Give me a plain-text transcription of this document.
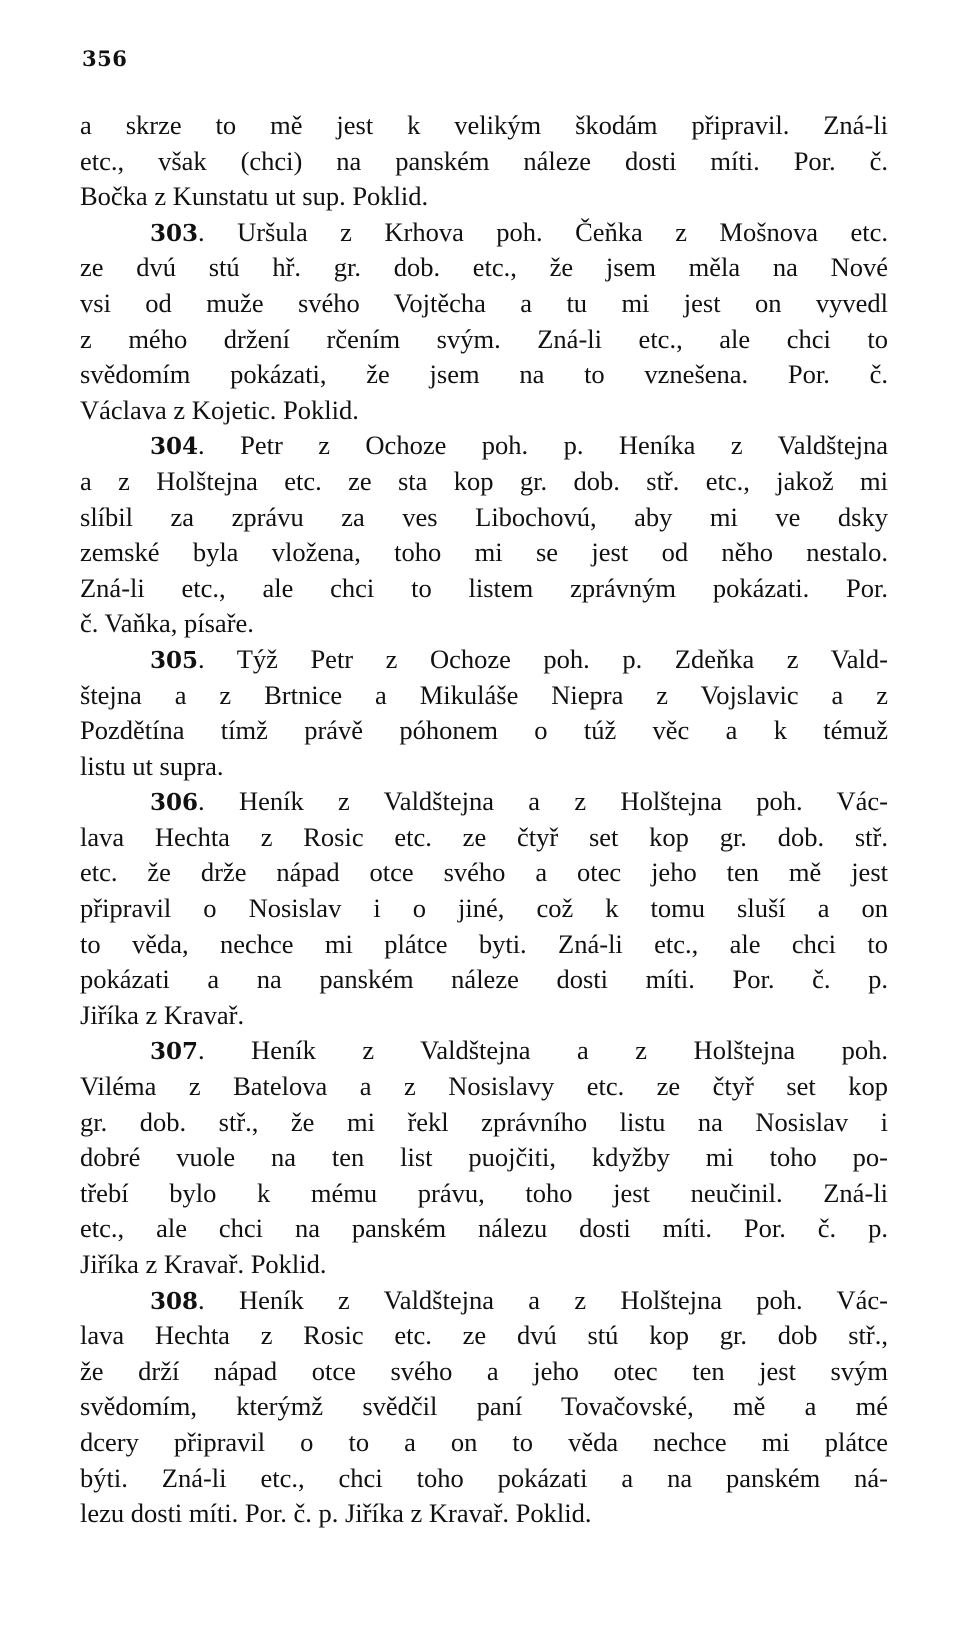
356
a skrze to mě jest k velikým škodám připravil. Zná-li
etc., však (chci) na panském náleze dosti míti. Por. č.
Bočka z Kunstatu ut sup. Poklid.
303. Uršula z Krhova poh. Čeňka z Mošnova etc.
ze dvú stú hř. gr. dob. etc., že jsem měla na Nové
vsi od muže svého Vojtěcha a tu mi jest on vyvedl
z mého držení rčením svým. Zná-li etc., ale chci to
svědomím pokázati, že jsem na to vznešena. Por. č.
Václava z Kojetic. Poklid.
304. Petr z Ochoze poh. p. Heníka z Valdštejna
a z Holštejna etc. ze sta kop gr. dob. stř. etc., jakož mi
slíbil za zprávu za ves Libochovú, aby mi ve dsky
zemské byla vložena, toho mi se jest od něho nestalo.
Zná-li etc., ale chci to listem zprávným pokázati. Por.
č. Vaňka, písaře.
305. Týž Petr z Ochoze poh. p. Zdeňka z Vald-
štejna a z Brtnice a Mikuláše Niepra z Vojslavic a z
Pozdětína tímž právě póhonem o túž věc a k témuž
listu ut supra.
306. Heník z Valdštejna a z Holštejna poh. Vác-
lava Hechta z Rosic etc. ze čtyř set kop gr. dob. stř.
etc. že drže nápad otce svého a otec jeho ten mě jest
připravil o Nosislav i o jiné, což k tomu sluší a on
to věda, nechce mi plátce byti. Zná-li etc., ale chci to
pokázati a na panském náleze dosti míti. Por. č. p.
Jiříka z Kravař.
307. Heník z Valdštejna a z Holštejna poh.
Viléma z Batelova a z Nosislavy etc. ze čtyř set kop
gr. dob. stř., že mi řekl zprávního listu na Nosislav i
dobré vuole na ten list puojčiti, kdyžby mi toho po-
třebí bylo k mému právu, toho jest neučinil. Zná-li
etc., ale chci na panském nálezu dosti míti. Por. č. p.
Jiříka z Kravař. Poklid.
308. Heník z Valdštejna a z Holštejna poh. Vác-
lava Hechta z Rosic etc. ze dvú stú kop gr. dob stř.,
že drží nápad otce svého a jeho otec ten jest svým
svědomím, kterýmž svědčil paní Tovačovské, mě a mé
dcery připravil o to a on to věda nechce mi plátce
býti. Zná-li etc., chci toho pokázati a na panském ná-
lezu dosti míti. Por. č. p. Jiříka z Kravař. Poklid.
